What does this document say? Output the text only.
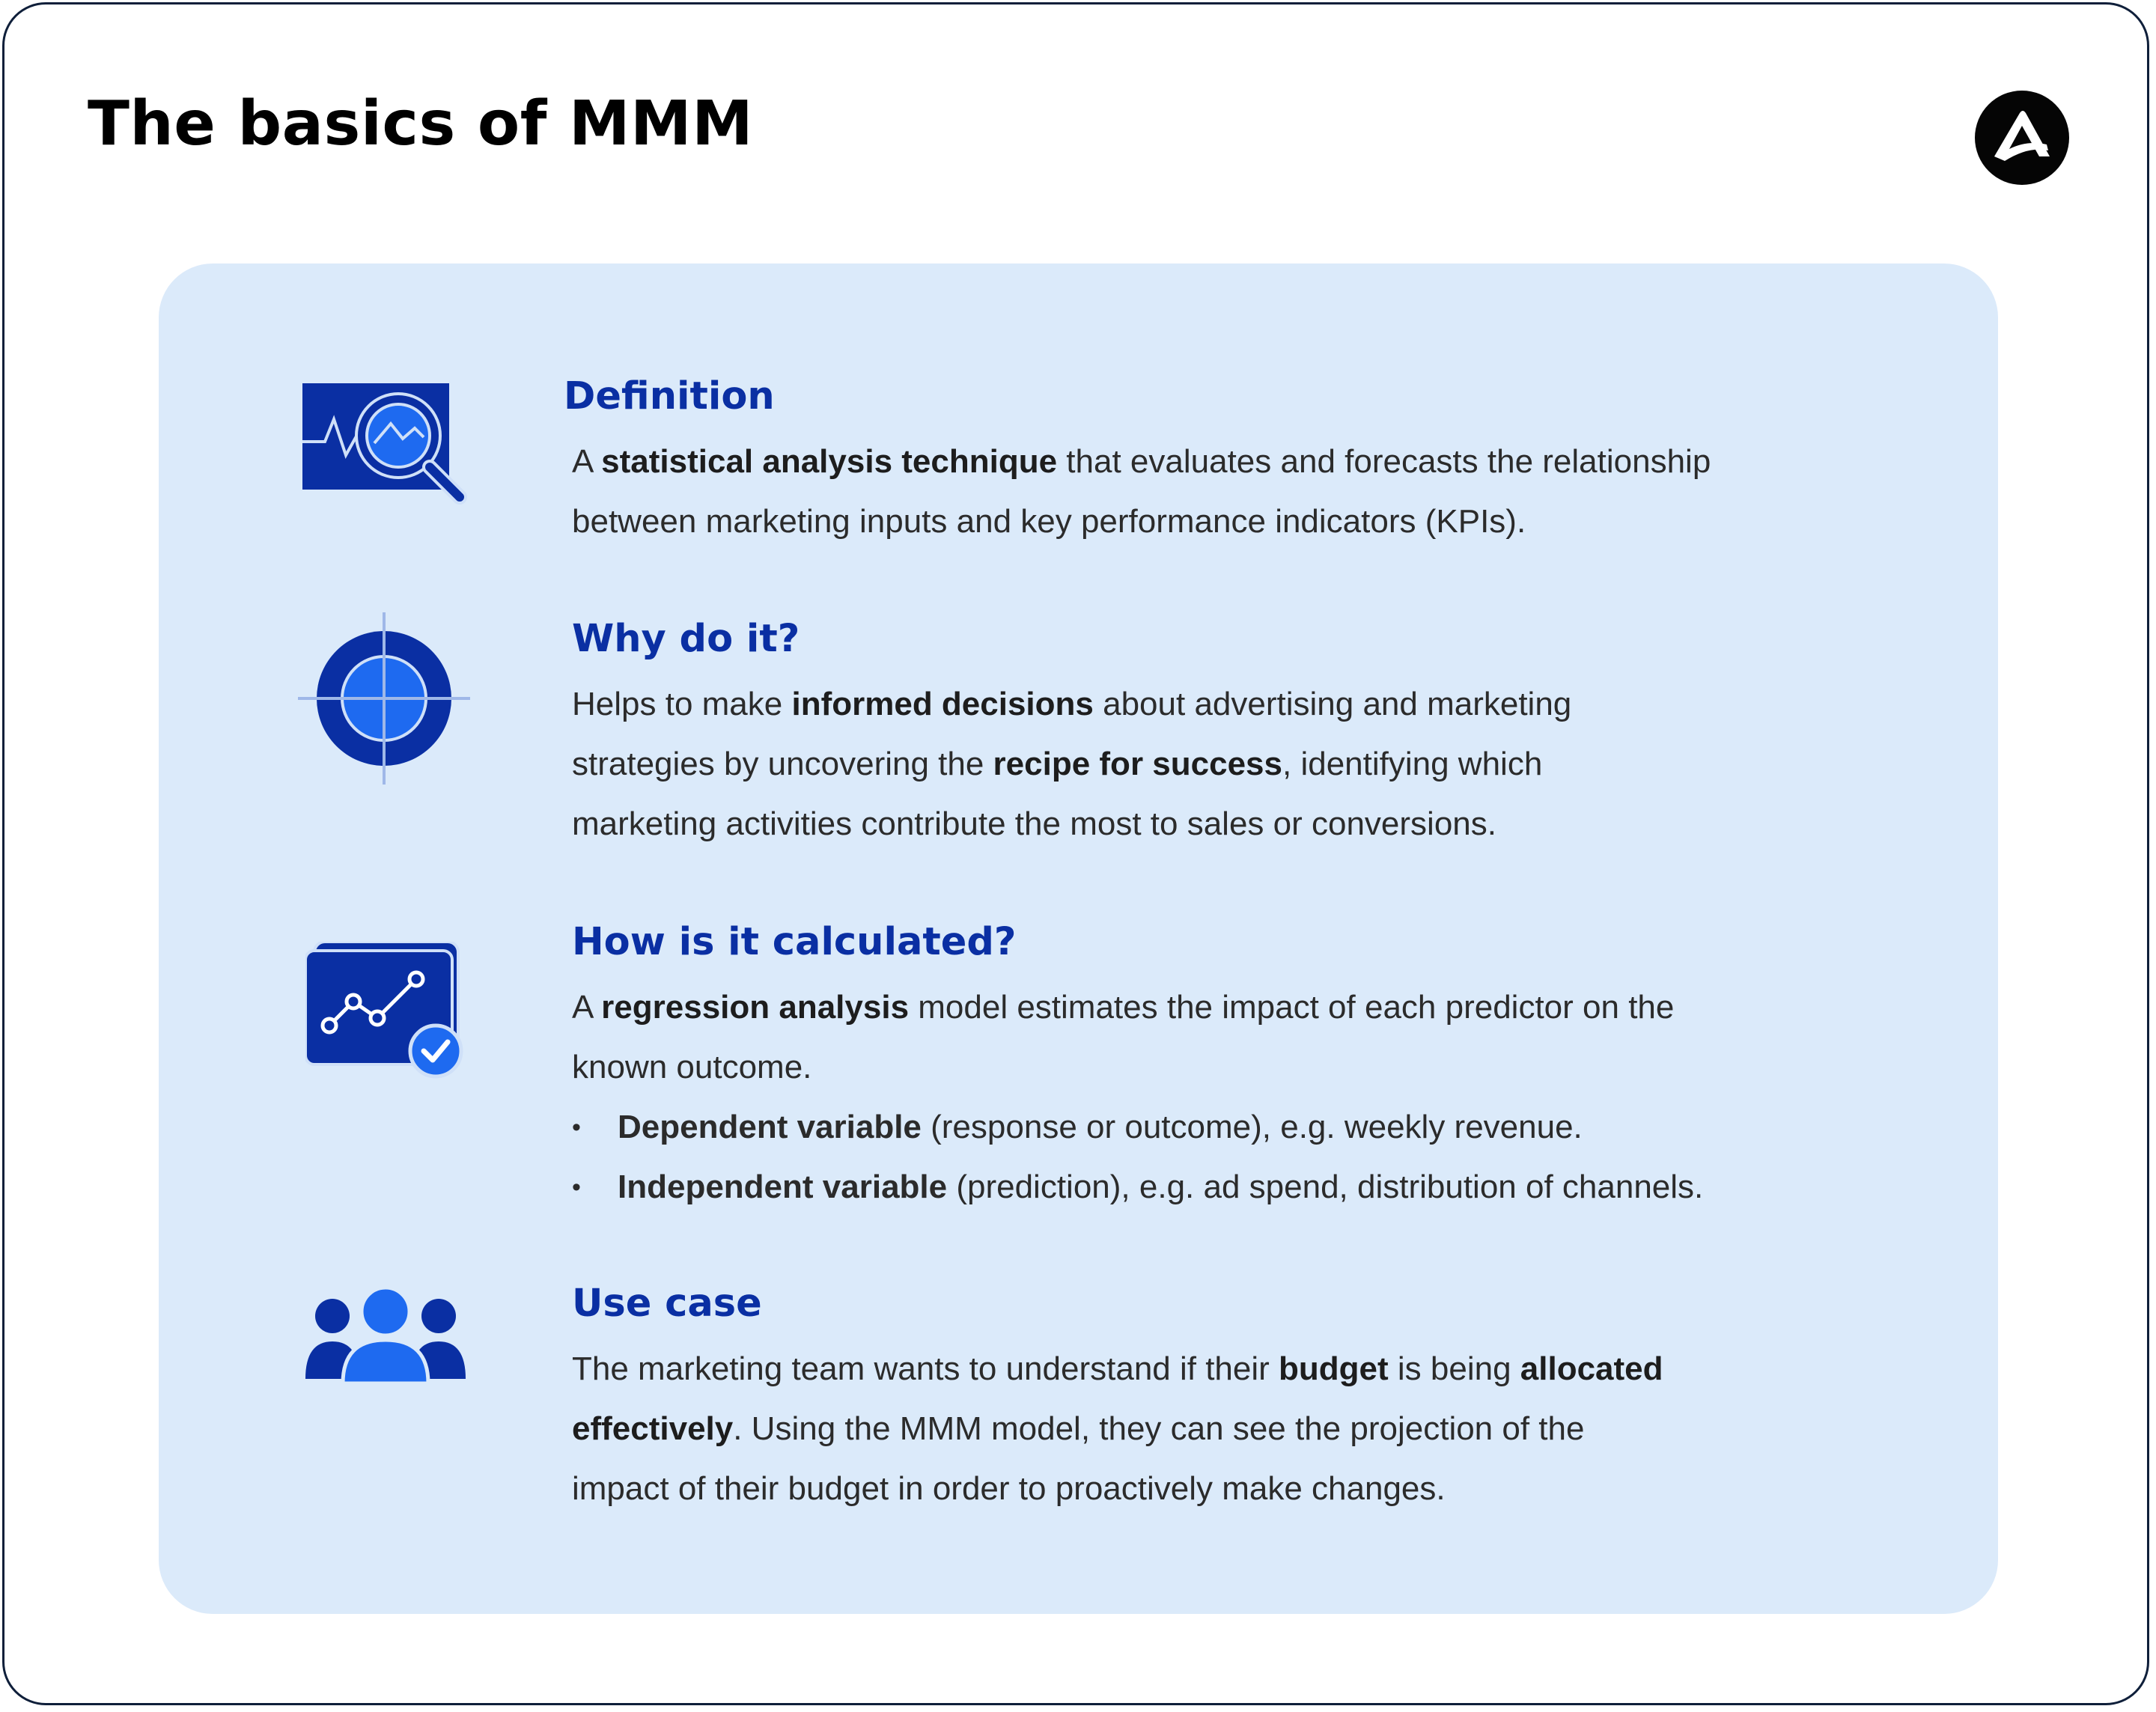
The basics of MMM
Definition

A statistical analysis technique that evaluates and forecasts the relationship
between marketing inputs and key performance indicators (KPIs).

Why do it?

Helps to make informed decisions about advertising and marketing
strategies by uncovering the recipe for success, identifying which
marketing activities contribute the most to sales or conversions.

How is it calculated?

A regression analysis model estimates the impact of each predictor on the
known outcome.

• Dependent variable (response or outcome), e.g. weekly revenue.
• Independent variable (prediction), e.g. ad spend, distribution of channels.
Use case

The marketing team wants to understand if their budget is being allocated
effectively. Using the MMM model, they can see the projection of the
impact of their budget in order to proactively make changes.
